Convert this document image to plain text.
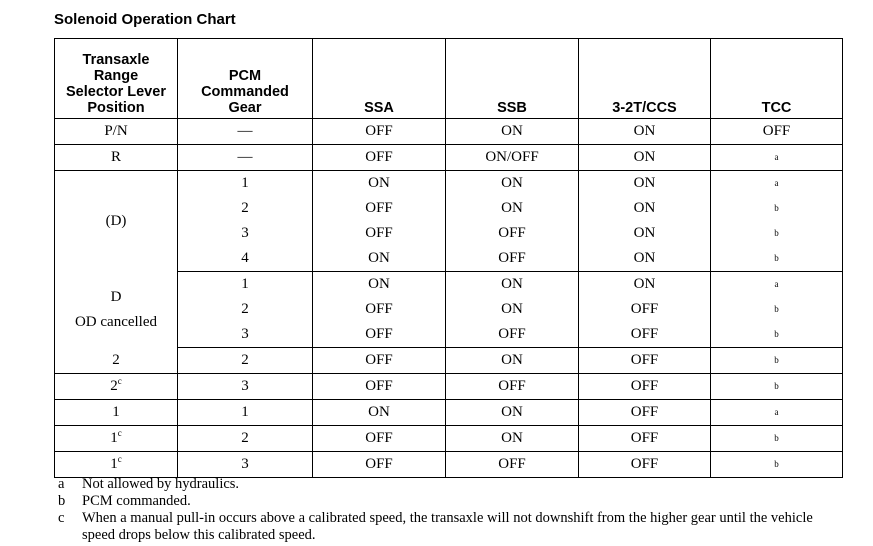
Solenoid Operation Chart
Transaxle
Range
Selector Lever
Position	PCM
Commanded
Gear	SSA	SSB	3-2T/CCS	TCC
P/N	—	OFF	ON	ON	OFF
R	—	OFF	ON/OFF	ON	a

(D)	1	ON	ON	ON	a
	2	OFF	ON	ON	b
	3	OFF	OFF	ON	b
	4	ON	OFF	ON	b

D
OD cancelled	1	ON	ON	ON	a
	2	OFF	ON	OFF	b
	3	OFF	OFF	OFF	b
2	2	OFF	ON	OFF	b
2$^c$	3	OFF	OFF	OFF	b
1	1	ON	ON	OFF	a
1$^c$	2	OFF	ON	OFF	b
1$^c$	3	OFF	OFF	OFF	b
a	Not allowed by hydraulics.
b	PCM commanded.
c	When a manual pull-in occurs above a calibrated speed, the transaxle will not downshift from the higher gear until the vehicle speed drops below this calibrated speed.
